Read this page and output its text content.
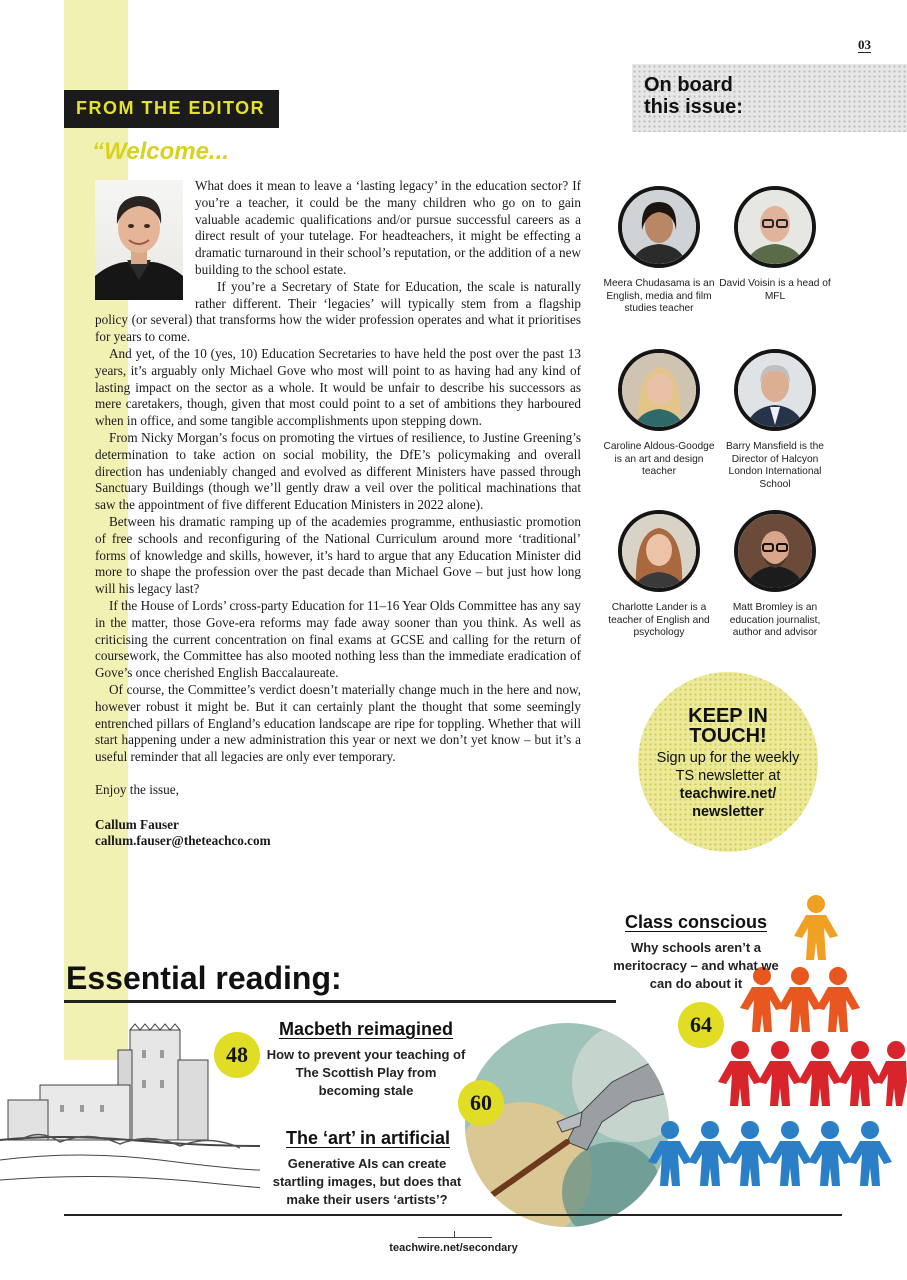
03
On board this issue:
FROM THE EDITOR
“Welcome...

What does it mean to leave a ‘lasting legacy’ in the education sector? If you’re a teacher, it could be the many children who go on to gain valuable academic qualifications and/or pursue successful careers as a direct result of your tutelage. For headteachers, it might be effecting a dramatic turnaround in their school’s reputation, or the addition of a new building to the school estate.

If you’re a Secretary of State for Education, the scale is naturally rather different. Their ‘legacies’ will typically stem from a flagship policy (or several) that transforms how the wider profession operates and what it prioritises for years to come.

And yet, of the 10 (yes, 10) Education Secretaries to have held the post over the past 13 years, it’s arguably only Michael Gove who most will point to as having had any kind of lasting impact on the sector as a whole. It would be unfair to describe his successors as mere caretakers, though, given that most could point to a set of ambitions they harboured when in office, and some tangible accomplishments upon stepping down.

From Nicky Morgan’s focus on promoting the virtues of resilience, to Justine Greening’s determination to take action on social mobility, the DfE’s policymaking and overall direction has undeniably changed and evolved as different Ministers have passed through Sanctuary Buildings (though we’ll gently draw a veil over the political machinations that saw the appointment of five different Education Ministers in 2022 alone).

Between his dramatic ramping up of the academies programme, enthusiastic promotion of free schools and reconfiguring of the National Curriculum around more ‘traditional’ forms of knowledge and skills, however, it’s hard to argue that any Education Minister did more to shape the profession over the past decade than Michael Gove – but just how long will his legacy last?

If the House of Lords’ cross-party Education for 11–16 Year Olds Committee has any say in the matter, those Gove-era reforms may fade away sooner than you think. As well as criticising the current concentration on final exams at GCSE and calling for the return of coursework, the Committee has also mooted nothing less than the immediate eradication of Gove’s once cherished English Baccalaureate.

Of course, the Committee’s verdict doesn’t materially change much in the here and now, however robust it might be. But it can certainly plant the thought that some seemingly entrenched pillars of England’s education landscape are ripe for toppling. Whether that will start happening under a new administration this year or next we don’t yet know – but it’s a useful reminder that all legacies are only ever temporary.

Enjoy the issue,

Callum Fauser

callum.fauser@theteachco.com

Meera Chudasama is an English, media and film studies teacher
David Voisin is a head of MFL
Caroline Aldous-Goodge is an art and design teacher
Barry Mansfield is the Director of Halcyon London International School
Charlotte Lander is a teacher of English and psychology
Matt Bromley is an education journalist, author and advisor
KEEP IN TOUCH!
Sign up for the weekly TS newsletter at teachwire.net/ newsletter
Essential reading:
48
Macbeth reimagined
How to prevent your teaching of The Scottish Play from becoming stale	60
The ‘art’ in artificial
Generative AIs can create startling images, but does that make their users ‘artists’?
Class conscious
Why schools aren’t a meritocracy – and what we can do about it
64
teachwire.net/secondary
